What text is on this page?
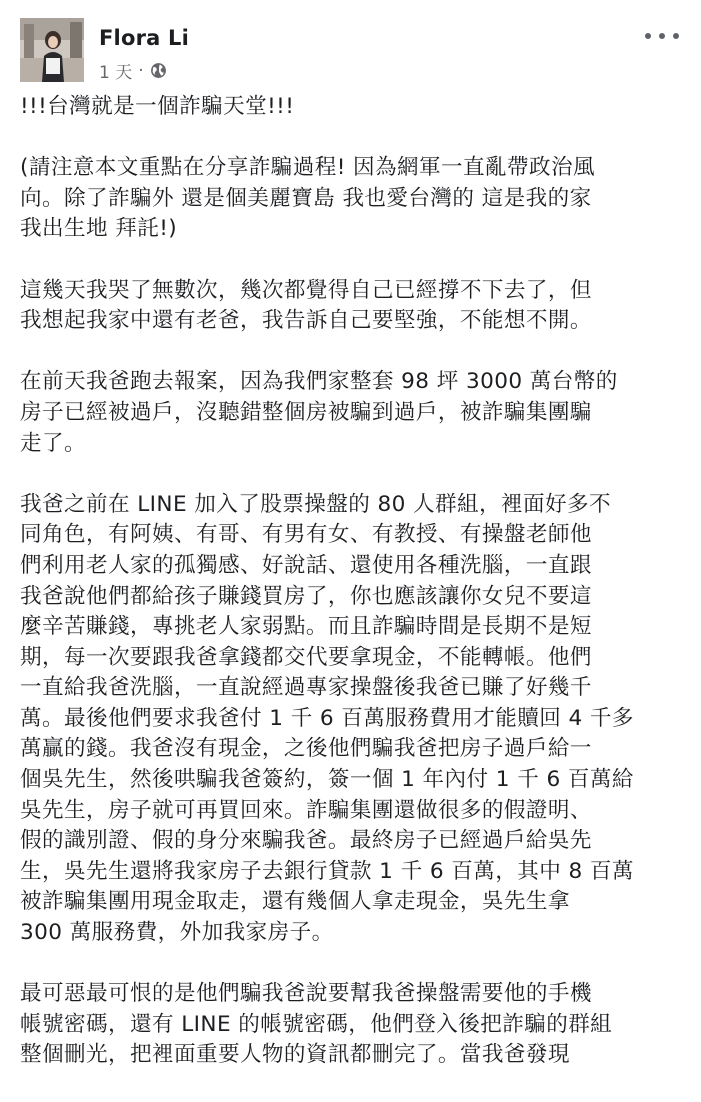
Flora Li
1 天 ·
!!!台灣就是一個詐騙天堂!!!
(請注意本文重點在分享詐騙過程! 因為網軍一直亂帶政治風
向。除了詐騙外 還是個美麗寶島 我也愛台灣的 這是我的家
我出生地 拜託!)
這幾天我哭了無數次，幾次都覺得自己已經撐不下去了，但
我想起我家中還有老爸，我告訴自己要堅強，不能想不開。
在前天我爸跑去報案，因為我們家整套 98 坪 3000 萬台幣的
房子已經被過戶，沒聽錯整個房被騙到過戶，被詐騙集團騙
走了。
我爸之前在 LINE 加入了股票操盤的 80 人群組，裡面好多不
同角色，有阿姨、有哥、有男有女、有教授、有操盤老師他
們利用老人家的孤獨感、好說話、還使用各種洗腦，一直跟
我爸說他們都給孩子賺錢買房了，你也應該讓你女兒不要這
麼辛苦賺錢，專挑老人家弱點。而且詐騙時間是長期不是短
期，每一次要跟我爸拿錢都交代要拿現金，不能轉帳。他們
一直給我爸洗腦，一直說經過專家操盤後我爸已賺了好幾千
萬。最後他們要求我爸付 1 千 6 百萬服務費用才能贖回 4 千多
萬贏的錢。我爸沒有現金，之後他們騙我爸把房子過戶給一
個吳先生，然後哄騙我爸簽約，簽一個 1 年內付 1 千 6 百萬給
吳先生，房子就可再買回來。詐騙集團還做很多的假證明、
假的識別證、假的身分來騙我爸。最終房子已經過戶給吳先
生，吳先生還將我家房子去銀行貸款 1 千 6 百萬，其中 8 百萬
被詐騙集團用現金取走，還有幾個人拿走現金，吳先生拿
300 萬服務費，外加我家房子。
最可惡最可恨的是他們騙我爸說要幫我爸操盤需要他的手機
帳號密碼，還有 LINE 的帳號密碼，他們登入後把詐騙的群組
整個刪光，把裡面重要人物的資訊都刪完了。當我爸發現
